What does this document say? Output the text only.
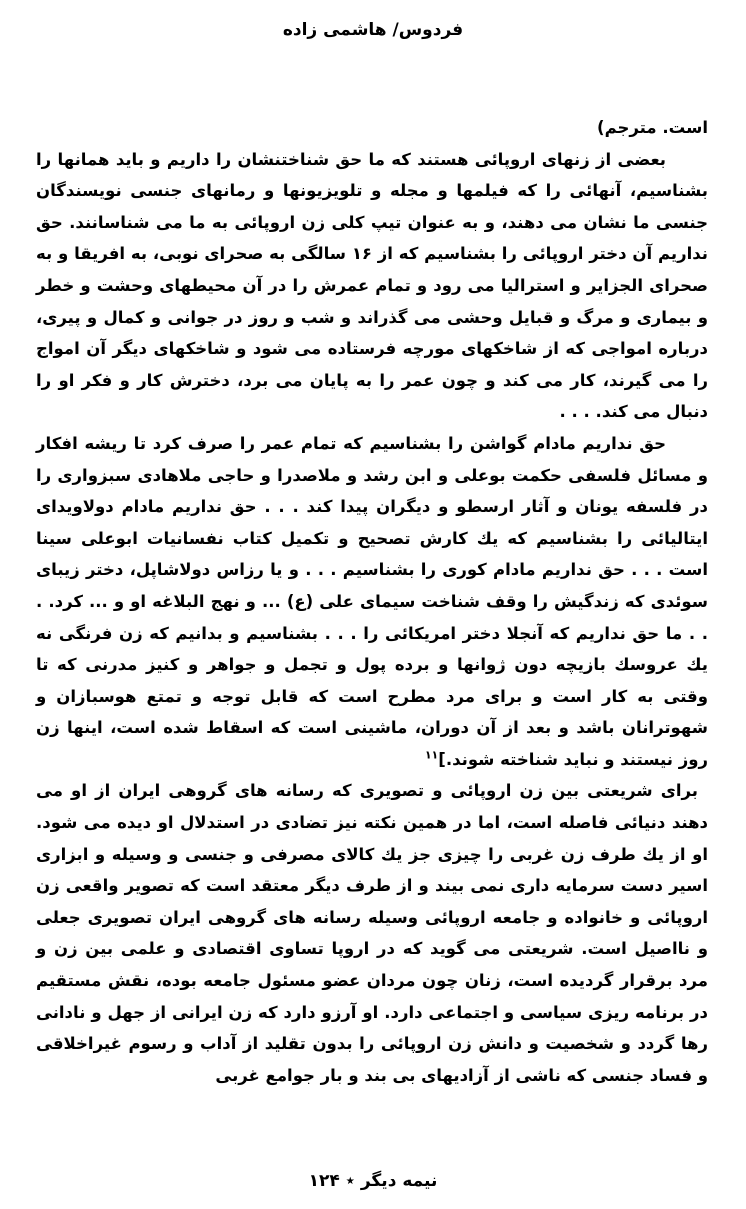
فردوس/ هاشمی زاده

است. مترجم)

بعضی از زنهای اروپائی هستند که ما حق شناختنشان را داریم و باید همانها را بشناسیم، آنهائی را که فیلمها و مجله و تلویزیونها و رمانهای جنسی نویسندگان جنسی ما نشان می دهند، و به عنوان تیپ کلی زن اروپائی به ما می شناسانند. حق نداریم آن دختر اروپائی را بشناسیم که از ۱۶ سالگی به صحرای نوبی، به افریقا و به صحرای الجزایر و استرالیا می رود و تمام عمرش را در آن محیطهای وحشت و خطر و بیماری و مرگ و قبایل وحشی می گذراند و شب و روز در جوانی و کمال و پیری، درباره امواجی که از شاخکهای مورچه فرستاده می شود و شاخکهای دیگر آن امواج را می گیرند، کار می کند و چون عمر را به پایان می برد، دخترش کار و فکر او را دنبال می کند. . . .

حق نداریم مادام گواشن را بشناسیم که تمام عمر را صرف کرد تا ریشه افکار و مسائل فلسفی حکمت بوعلی و ابن رشد و ملاصدرا و حاجی ملاهادی سبزواری را در فلسفه یونان و آثار ارسطو و دیگران پیدا کند . . . حق نداریم مادام دولاویدای ایتالیائی را بشناسیم که یك کارش تصحیح و تکمیل کتاب نفسانیات ابوعلی سینا است . . . حق نداریم مادام کوری را بشناسیم . . . و یا رزاس دولاشاپل، دختر زیبای سوئدی که زندگیش را وقف شناخت سیمای علی (ع) ... و نهج البلاغه او و ... کرد. . . . ما حق نداریم که آنجلا دختر امریکائی را . . . بشناسیم و بدانیم که زن فرنگی نه یك عروسك بازیچه دون ژوانها و برده پول و تجمل و جواهر و کنیز مدرنی که تا وقتی به کار است و برای مرد مطرح است که قابل توجه و تمتع هوسبازان و شهوترانان باشد و بعد از آن دوران، ماشینی است که اسقاط شده است، اینها زن روز نیستند و نباید شناخته شوند.]$^{۱۱}$

برای شریعتی بین زن اروپائی و تصویری که رسانه های گروهی ایران از او می دهند دنیائی فاصله است، اما در همین نکته نیز تضادی در استدلال او دیده می شود. او از یك طرف زن غربی را چیزی جز یك کالای مصرفی و جنسی و وسیله و ابزاری اسیر دست سرمایه داری نمی بیند و از طرف دیگر معتقد است که تصویر واقعی زن اروپائی و خانواده و جامعه اروپائی وسیله رسانه های گروهی ایران تصویری جعلی و نااصیل است. شریعتی می گوید که در اروپا تساوی اقتصادی و علمی بین زن و مرد برقرار گردیده است، زنان چون مردان عضو مسئول جامعه بوده، نقش مستقیم در برنامه ریزی سیاسی و اجتماعی دارد. او آرزو دارد که زن ایرانی از جهل و نادانی رها گردد و شخصیت و دانش زن اروپائی را بدون تقلید از آداب و رسوم غیراخلاقی و فساد جنسی که ناشی از آزادیهای بی بند و بار جوامع غربی

نیمه دیگر ٭ ۱۲۴
